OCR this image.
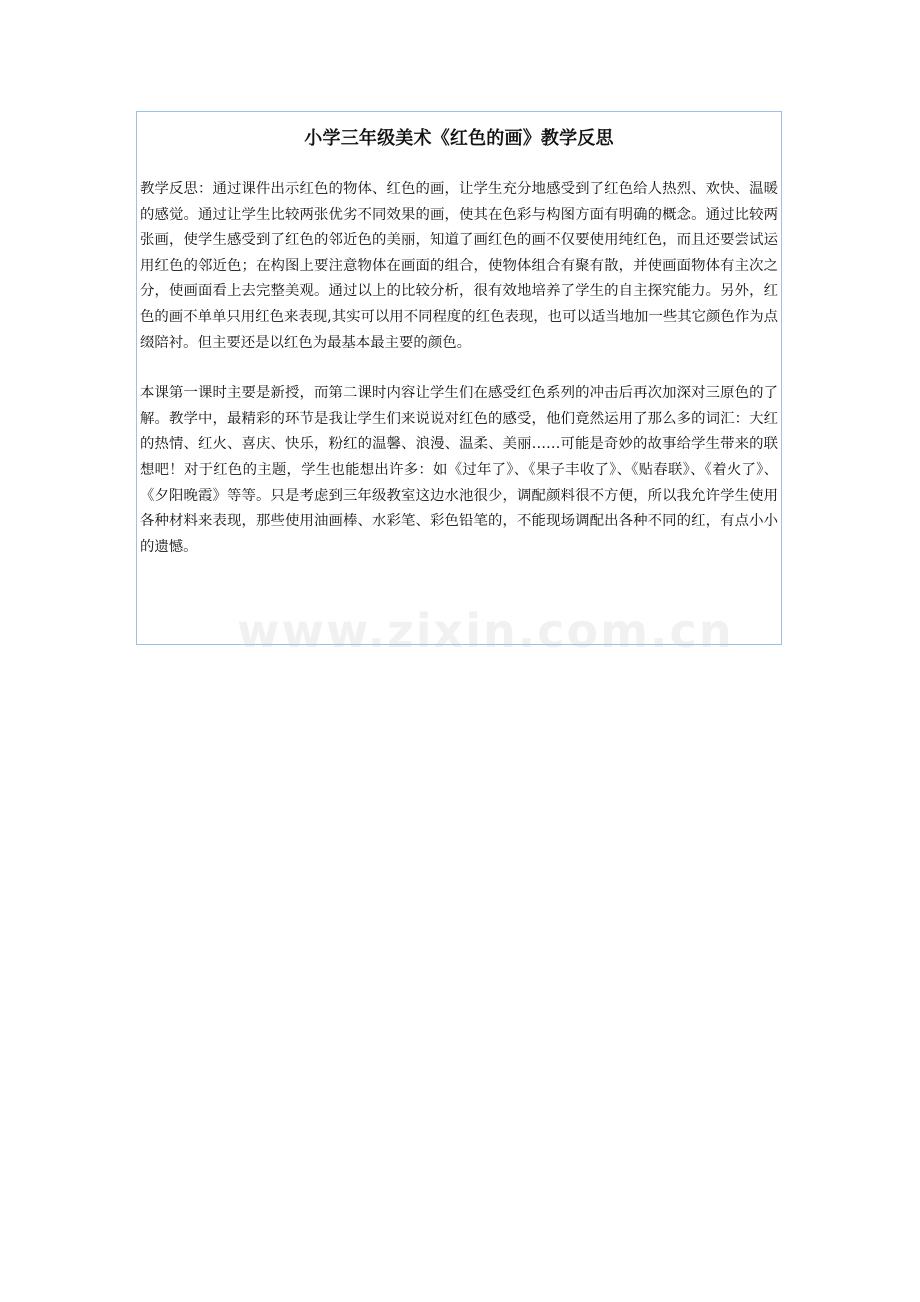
小学三年级美术《红色的画》教学反思

教学反思：通过课件出示红色的物体、红色的画，让学生充分地感受到了红色给人热烈、欢快、温暖的感觉。通过让学生比较两张优劣不同效果的画，使其在色彩与构图方面有明确的概念。通过比较两张画，使学生感受到了红色的邻近色的美丽，知道了画红色的画不仅要使用纯红色，而且还要尝试运用红色的邻近色；在构图上要注意物体在画面的组合，使物体组合有聚有散，并使画面物体有主次之分，使画面看上去完整美观。通过以上的比较分析，很有效地培养了学生的自主探究能力。另外，红色的画不单单只用红色来表现,其实可以用不同程度的红色表现，也可以适当地加一些其它颜色作为点缀陪衬。但主要还是以红色为最基本最主要的颜色。

本课第一课时主要是新授，而第二课时内容让学生们在感受红色系列的冲击后再次加深对三原色的了解。教学中，最精彩的环节是我让学生们来说说对红色的感受，他们竟然运用了那么多的词汇：大红的热情、红火、喜庆、快乐，粉红的温馨、浪漫、温柔、美丽……可能是奇妙的故事给学生带来的联想吧！对于红色的主题，学生也能想出许多：如《过年了》、《果子丰收了》、《贴春联》、《着火了》、《夕阳晚霞》等等。只是考虑到三年级教室这边水池很少，调配颜料很不方便，所以我允许学生使用各种材料来表现，那些使用油画棒、水彩笔、彩色铅笔的，不能现场调配出各种不同的红，有点小小的遗憾。

www.zixin.com.cn
